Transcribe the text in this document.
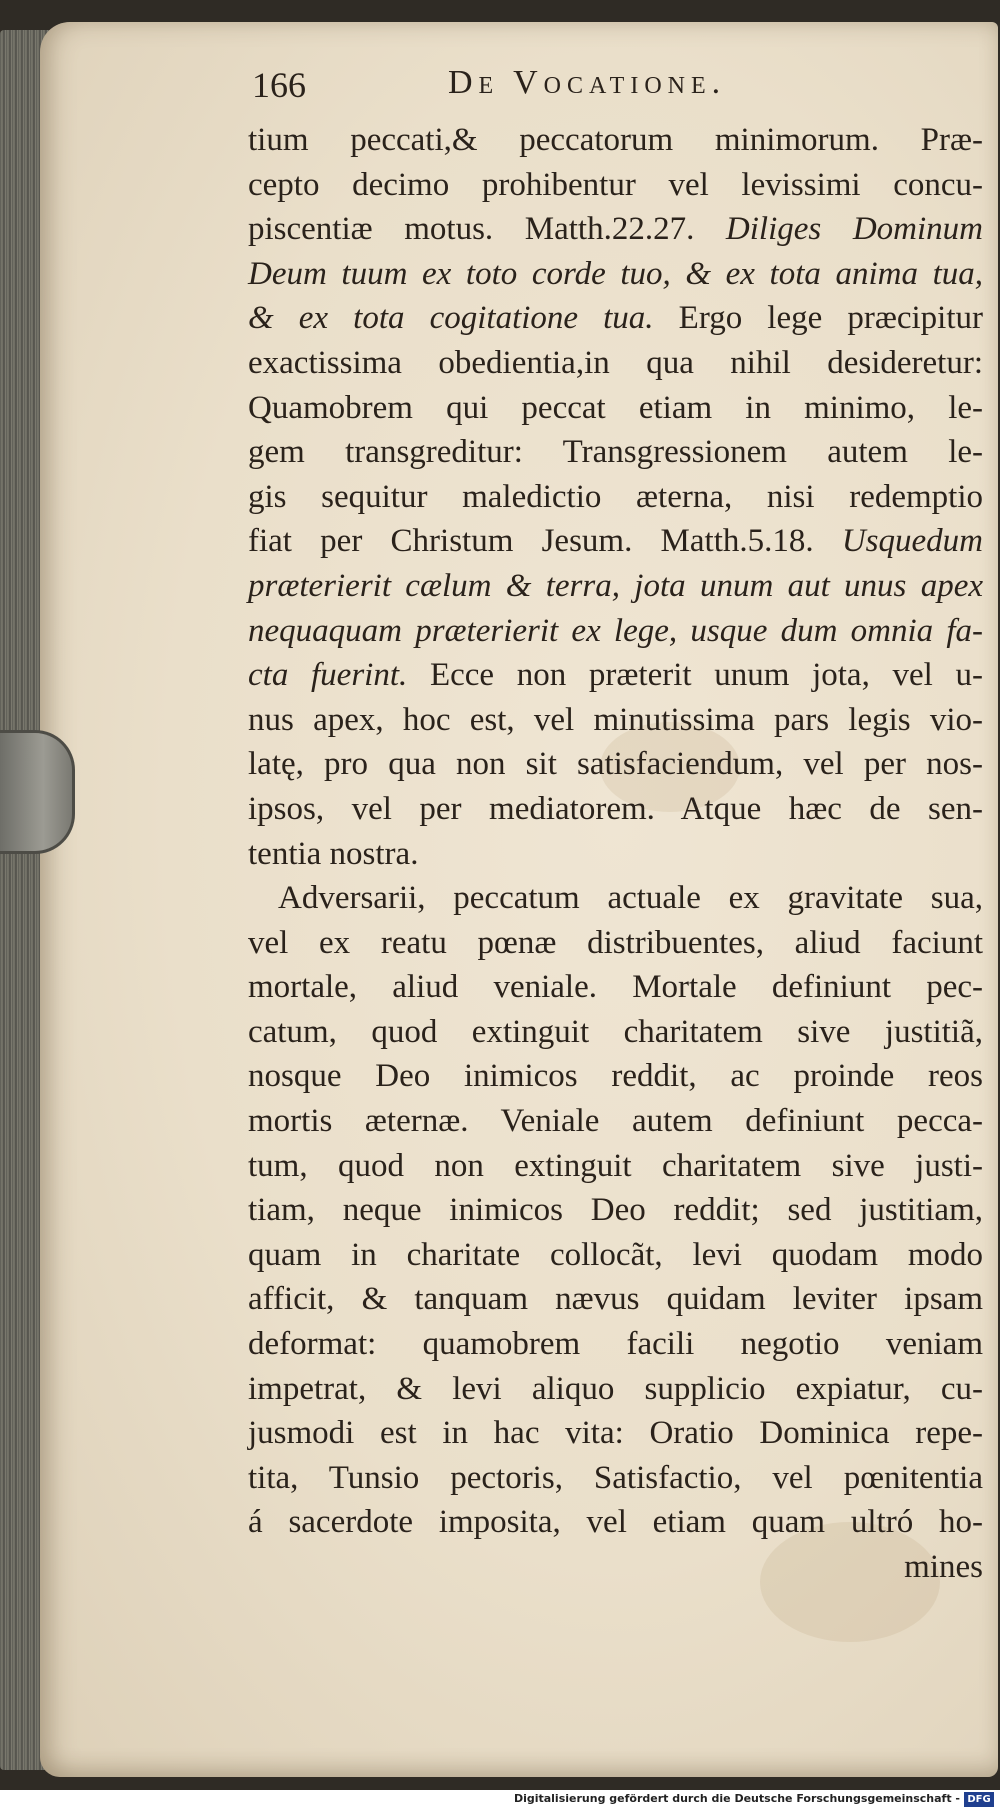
166	De Vocatione.
tium peccati,& peccatorum minimorum. Præ-
cepto decimo prohibentur vel levissimi concu-
piscentiæ motus. Matth.22.27. Diliges Dominum
Deum tuum ex toto corde tuo, & ex tota anima tua,
& ex tota cogitatione tua. Ergo lege præcipitur
exactissima obedientia,in qua nihil desideretur:
Quamobrem qui peccat etiam in minimo, le-
gem transgreditur: Transgressionem autem le-
gis sequitur maledictio æterna, nisi redemptio
fiat per Christum Jesum. Matth.5.18. Usquedum
præterierit cælum & terra, jota unum aut unus apex
nequaquam præterierit ex lege, usque dum omnia fa-
cta fuerint. Ecce non præterit unum jota, vel u-
nus apex, hoc est, vel minutissima pars legis vio-
latę, pro qua non sit satisfaciendum, vel per nos-
ipsos, vel per mediatorem. Atque hæc de sen-
tentia nostra.
Adversarii, peccatum actuale ex gravitate sua,
vel ex reatu pœnæ distribuentes, aliud faciunt
mortale, aliud veniale. Mortale definiunt pec-
catum, quod extinguit charitatem sive justitiã,
nosque Deo inimicos reddit, ac proinde reos
mortis æternæ. Veniale autem definiunt pecca-
tum, quod non extinguit charitatem sive justi-
tiam, neque inimicos Deo reddit; sed justitiam,
quam in charitate collocãt, levi quodam modo
afficit, & tanquam nævus quidam leviter ipsam
deformat: quamobrem facili negotio veniam
impetrat, & levi aliquo supplicio expiatur, cu-
jusmodi est in hac vita: Oratio Dominica repe-
tita, Tunsio pectoris, Satisfactio, vel pœnitentia
á sacerdote imposita, vel etiam quam ultró ho-
mines
Digitalisierung gefördert durch die Deutsche Forschungsgemeinschaft - DFG
